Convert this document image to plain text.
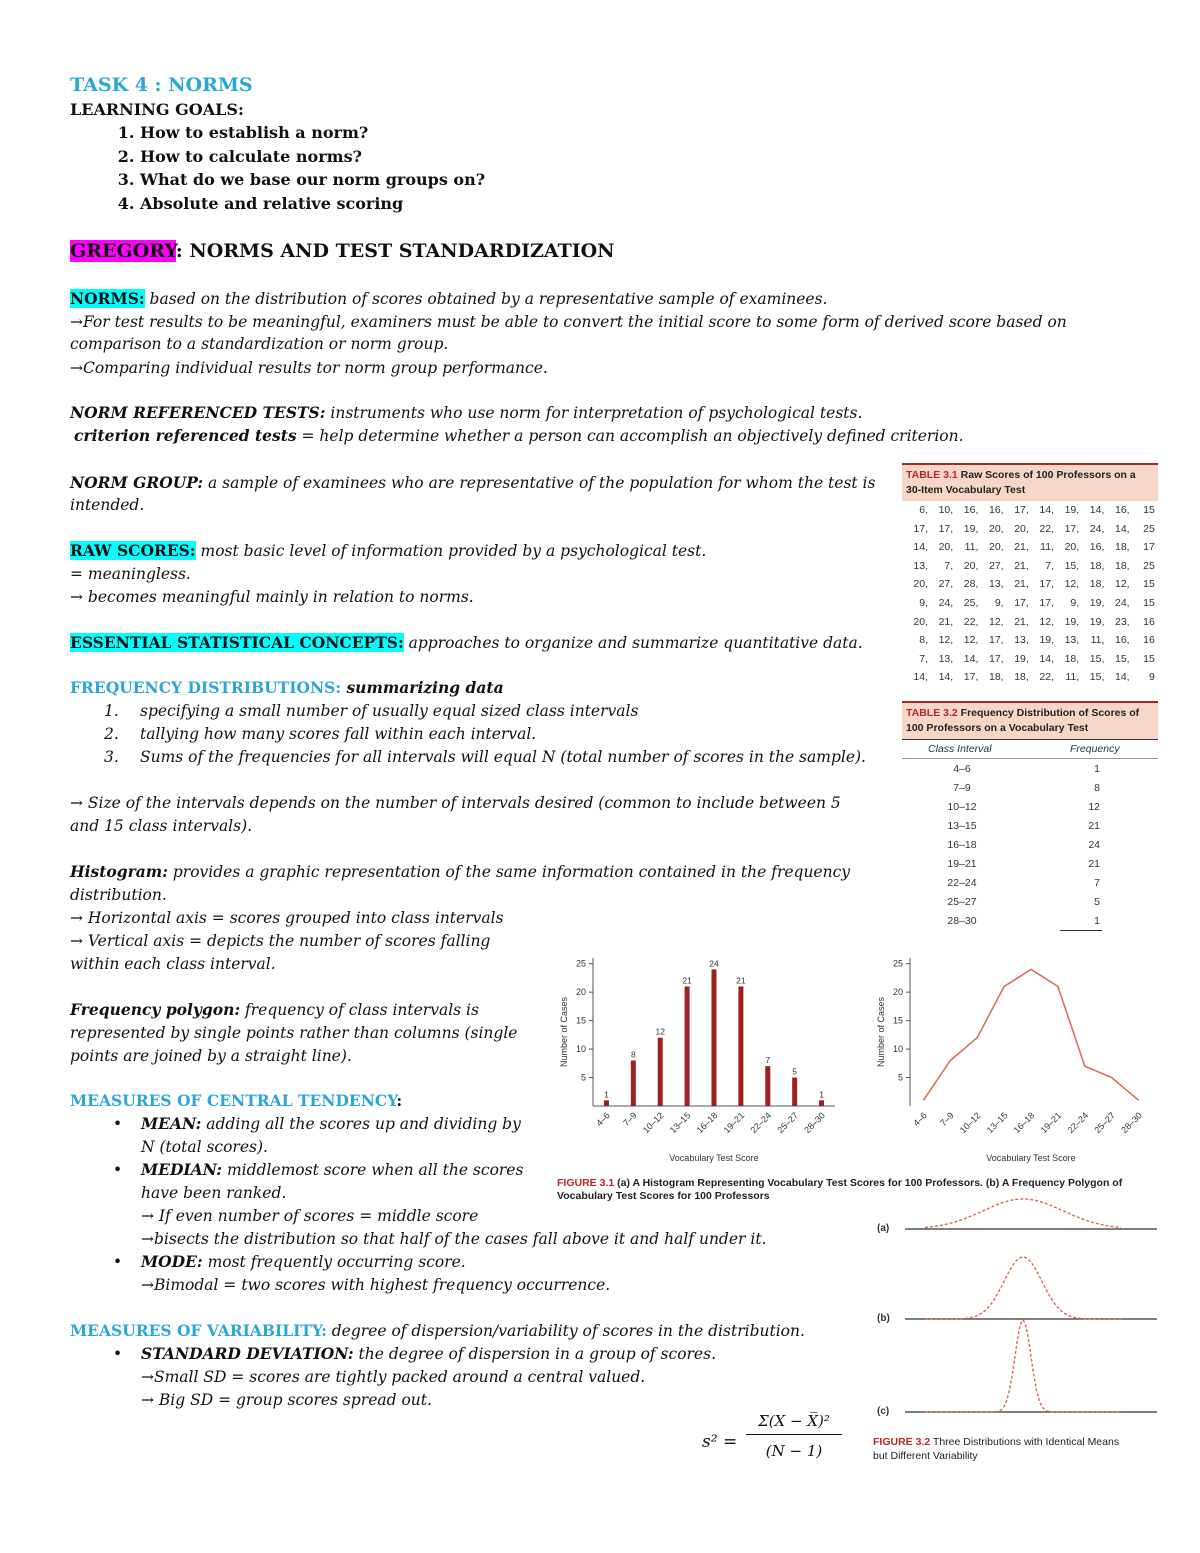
TASK 4 : NORMS
LEARNING GOALS:
1. How to establish a norm?
2. How to calculate norms?
3. What do we base our norm groups on?
4. Absolute and relative scoring
GREGORY: NORMS AND TEST STANDARDIZATION
NORMS: based on the distribution of scores obtained by a representative sample of examinees.
→For test results to be meaningful, examiners must be able to convert the initial score to some form of derived score based on
comparison to a standardization or norm group.
→Comparing individual results tor norm group performance.
NORM REFERENCED TESTS: instruments who use norm for interpretation of psychological tests.
criterion referenced tests = help determine whether a person can accomplish an objectively defined criterion.
NORM GROUP: a sample of examinees who are representative of the population for whom the test is
intended.
RAW SCORES: most basic level of information provided by a psychological test.
= meaningless.
→ becomes meaningful mainly in relation to norms.
ESSENTIAL STATISTICAL CONCEPTS: approaches to organize and summarize quantitative data.
FREQUENCY DISTRIBUTIONS: summarizing data
1. specifying a small number of usually equal sized class intervals
2. tallying how many scores fall within each interval.
3. Sums of the frequencies for all intervals will equal N (total number of scores in the sample).
→ Size of the intervals depends on the number of intervals desired (common to include between 5
and 15 class intervals).
Histogram: provides a graphic representation of the same information contained in the frequency
distribution.
→ Horizontal axis = scores grouped into class intervals
→ Vertical axis = depicts the number of scores falling
within each class interval.
Frequency polygon: frequency of class intervals is
represented by single points rather than columns (single
points are joined by a straight line).
MEASURES OF CENTRAL TENDENCY:
• MEAN: adding all the scores up and dividing by
N (total scores).
• MEDIAN: middlemost score when all the scores
have been ranked.
→ If even number of scores = middle score
→bisects the distribution so that half of the cases fall above it and half under it.
• MODE: most frequently occurring score.
→Bimodal = two scores with highest frequency occurrence.
MEASURES OF VARIABILITY: degree of dispersion/variability of scores in the distribution.
• STANDARD DEVIATION: the degree of dispersion in a group of scores.
→Small SD = scores are tightly packed around a central valued.
→ Big SD = group scores spread out.
s² =
Σ(X − X̅)²
(N − 1)
TABLE 3.1 Raw Scores of 100 Professors on a
30-Item Vocabulary Test
6,	10,	16,	16,	17,	14,	19,	14,	16,	15
17,	17,	19,	20,	20,	22,	17,	24,	14,	25
14,	20,	11,	20,	21,	11,	20,	16,	18,	17
13,	7,	20,	27,	21,	7,	15,	18,	18,	25
20,	27,	28,	13,	21,	17,	12,	18,	12,	15
9,	24,	25,	9,	17,	17,	9,	19,	24,	15
20,	21,	22,	12,	21,	12,	19,	19,	23,	16
8,	12,	12,	17,	13,	19,	13,	11,	16,	16
7,	13,	14,	17,	19,	14,	18,	15,	15,	15
14,	14,	17,	18,	18,	22,	11,	15,	14,	9
TABLE 3.2 Frequency Distribution of Scores of
100 Professors on a Vocabulary Test
Class Interval	Frequency
4–6	1
7–9	8
10–12	12
13–15	21
16–18	24
19–21	21
22–24	7
25–27	5
28–30	1
5
10
15
20
25
Number of Cases
Vocabulary Test Score
1
4–6
8
7–9
12
10–12
21
13–15
24
16–18
21
19–21
7
22–24
5
25–27
1
28–30
5
10
15
20
25
Number of Cases
Vocabulary Test Score
4–6 7–9 10–12 13–15 16–18 19–21 22–24 25–27 28–30
FIGURE 3.1 (a) A Histogram Representing Vocabulary Test Scores for 100 Professors. (b) A Frequency Polygon of
Vocabulary Test Scores for 100 Professors
(a)
(b)
(c)
FIGURE 3.2 Three Distributions with Identical Means
but Different Variability
